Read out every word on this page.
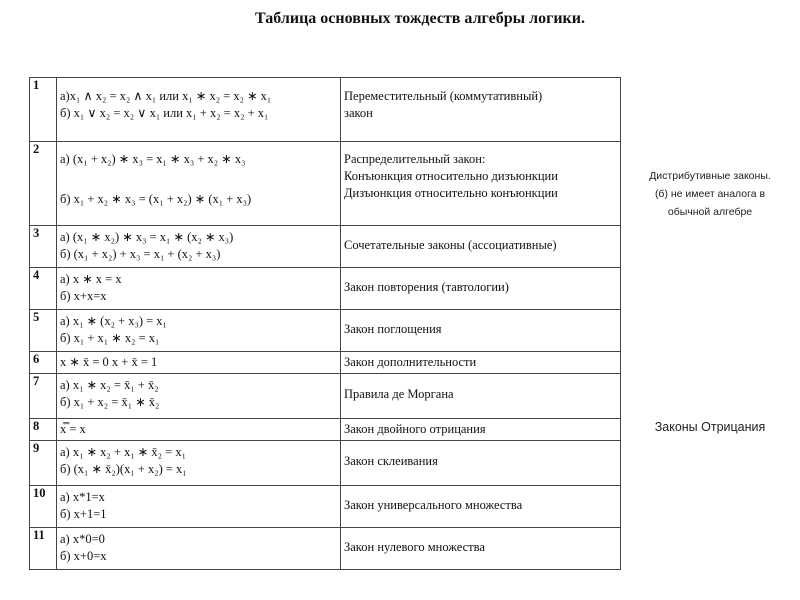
Таблица основных тождеств алгебры логики.
1	а)x₁ ∧ x₂ = x₂ ∧ x₁ или x₁ ∗ x₂ = x₂ ∗ x₁
б) x₁ ∨ x₂ = x₂ ∨ x₁ или x₁ + x₂ = x₂ + x₁	Переместительный (коммутативный)
закон

2	а) (x₁ + x₂) ∗ x₃ = x₁ ∗ x₃ + x₂ ∗ x₃
б) x₁ + x₂ ∗ x₃ = (x₁ + x₂) ∗ (x₁ + x₃)	Распределительный закон:
Конъюнкция относительно дизъюнкции
Дизъюнкция относительно конъюнкции

3	а) (x₁ ∗ x₂) ∗ x₃ = x₁ ∗ (x₂ ∗ x₃)
б) (x₁ + x₂) + x₃ = x₁ + (x₂ + x₃)	Сочетательные законы (ассоциативные)

4	а) x ∗ x = x
б) x+x=x	Закон повторения (тавтологии)

5	а) x₁ ∗ (x₂ + x₃) = x₁
б) x₁ + x₁ ∗ x₂ = x₁	Закон поглощения

6	x ∗ x̄ = 0 x + x̄ = 1	Закон дополнительности

7	а) x₁ ∗ x₂ = x̄₁ + x̄₂
б) x₁ + x₂ = x̄₁ ∗ x̄₂	Правила де Моргана

8	x̿ = x	Закон двойного отрицания

9	а) x₁ ∗ x₂ + x₁ ∗ x̄₂ = x₁
б) (x₁ ∗ x̄₂)(x₁ + x₂) = x₁	Закон склеивания

10	а) x*1=x
б) x+1=1	Закон универсального множества

11	а) x*0=0
б) x+0=x	Закон нулевого множества
Дистрибутивные законы.
(б) не имеет аналога в
обычной алгебре
Законы Отрицания
